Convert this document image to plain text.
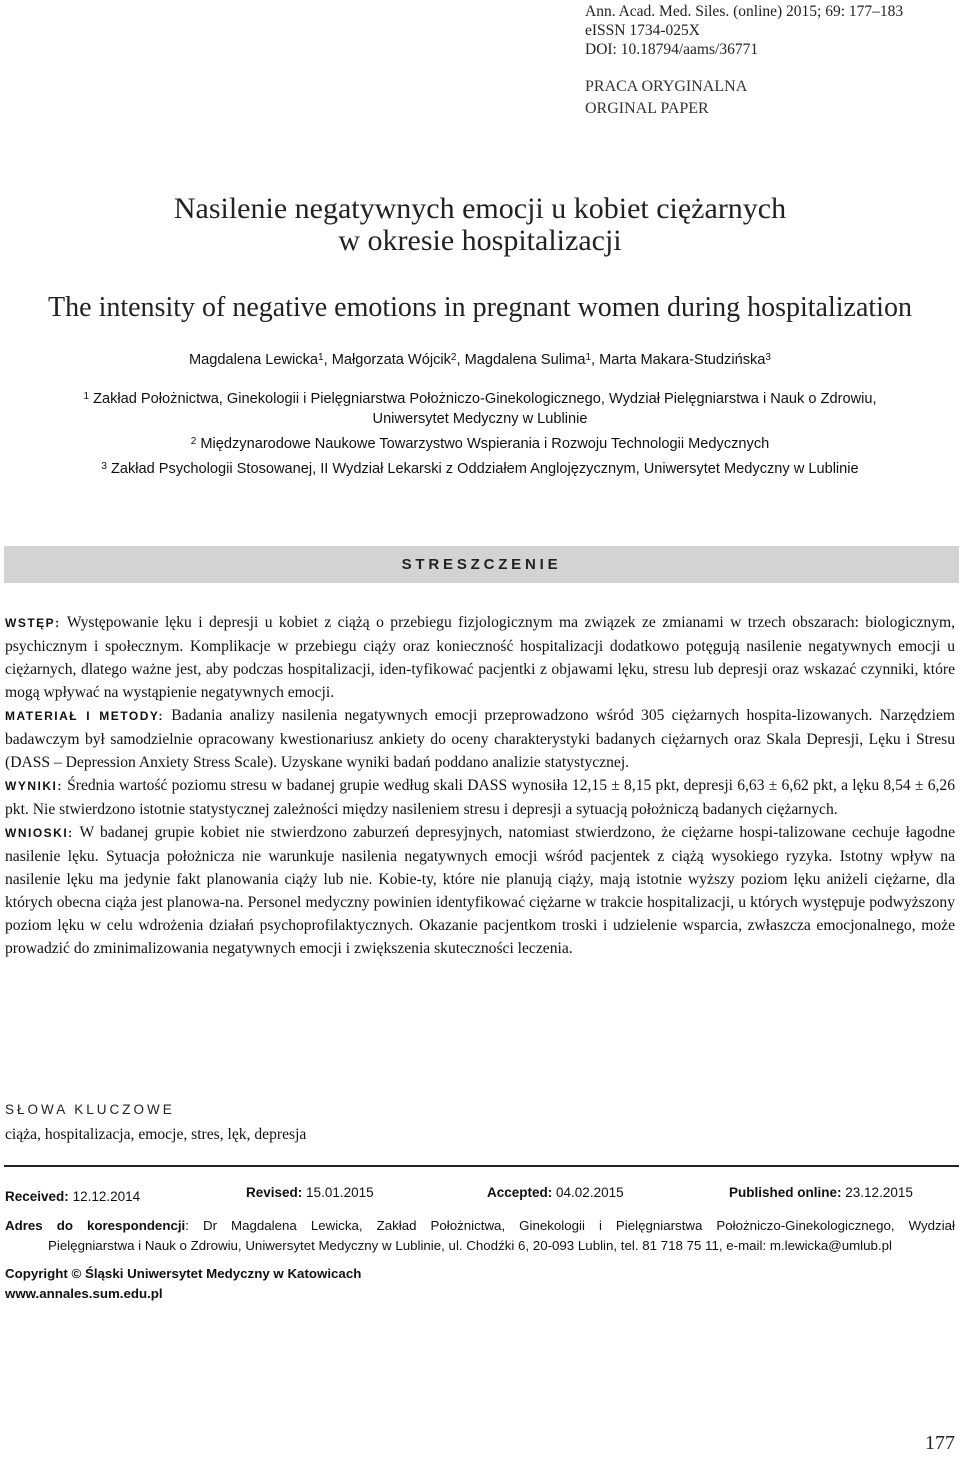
Ann. Acad. Med. Siles. (online) 2015; 69: 177–183
eISSN 1734-025X
DOI: 10.18794/aams/36771
PRACA ORYGINALNA
ORGINAL PAPER
Nasilenie negatywnych emocji u kobiet ciężarnych
w okresie hospitalizacji
The intensity of negative emotions in pregnant women during hospitalization
Magdalena Lewicka$^1$, Małgorzata Wójcik$^2$, Magdalena Sulima$^1$, Marta Makara-Studzińska$^3$
$^1$ Zakład Położnictwa, Ginekologii i Pielęgniarstwa Położniczo-Ginekologicznego, Wydział Pielęgniarstwa i Nauk o Zdrowiu,
Uniwersytet Medyczny w Lublinie
$^2$ Międzynarodowe Naukowe Towarzystwo Wspierania i Rozwoju Technologii Medycznych
$^3$ Zakład Psychologii Stosowanej, II Wydział Lekarski z Oddziałem Anglojęzycznym, Uniwersytet Medyczny w Lublinie
STRESZCZENIE

WSTĘP: Występowanie lęku i depresji u kobiet z ciążą o przebiegu fizjologicznym ma związek ze zmianami w trzech obszarach: biologicznym, psychicznym i społecznym. Komplikacje w przebiegu ciąży oraz konieczność hospitalizacji dodatkowo potęgują nasilenie negatywnych emocji u ciężarnych, dlatego ważne jest, aby podczas hospitalizacji, iden-tyfikować pacjentki z objawami lęku, stresu lub depresji oraz wskazać czynniki, które mogą wpływać na wystąpienie negatywnych emocji.

MATERIAŁ I METODY: Badania analizy nasilenia negatywnych emocji przeprowadzono wśród 305 ciężarnych hospita-lizowanych. Narzędziem badawczym był samodzielnie opracowany kwestionariusz ankiety do oceny charakterystyki badanych ciężarnych oraz Skala Depresji, Lęku i Stresu (DASS – Depression Anxiety Stress Scale). Uzyskane wyniki badań poddano analizie statystycznej.

WYNIKI: Średnia wartość poziomu stresu w badanej grupie według skali DASS wynosiła 12,15 ± 8,15 pkt, depresji 6,63 ± 6,62 pkt, a lęku 8,54 ± 6,26 pkt. Nie stwierdzono istotnie statystycznej zależności między nasileniem stresu i depresji a sytuacją położniczą badanych ciężarnych.

WNIOSKI: W badanej grupie kobiet nie stwierdzono zaburzeń depresyjnych, natomiast stwierdzono, że ciężarne hospi-talizowane cechuje łagodne nasilenie lęku. Sytuacja położnicza nie warunkuje nasilenia negatywnych emocji wśród pacjentek z ciążą wysokiego ryzyka. Istotny wpływ na nasilenie lęku ma jedynie fakt planowania ciąży lub nie. Kobie-ty, które nie planują ciąży, mają istotnie wyższy poziom lęku aniżeli ciężarne, dla których obecna ciąża jest planowa-na. Personel medyczny powinien identyfikować ciężarne w trakcie hospitalizacji, u których występuje podwyższony poziom lęku w celu wdrożenia działań psychoprofilaktycznych. Okazanie pacjentkom troski i udzielenie wsparcia, zwłaszcza emocjonalnego, może prowadzić do zminimalizowania negatywnych emocji i zwiększenia skuteczności leczenia.

SŁOWA KLUCZOWE
ciąża, hospitalizacja, emocje, stres, lęk, depresja
Received: 12.12.2014	Revised: 15.01.2015	Accepted: 04.02.2015	Published online: 23.12.2015
Adres do korespondencji: Dr Magdalena Lewicka, Zakład Położnictwa, Ginekologii i Pielęgniarstwa Położniczo-Ginekologicznego, Wydział
Pielęgniarstwa i Nauk o Zdrowiu, Uniwersytet Medyczny w Lublinie, ul. Chodźki 6, 20-093 Lublin, tel. 81 718 75 11, e-mail: m.lewicka@umlub.pl
Copyright © Śląski Uniwersytet Medyczny w Katowicach
www.annales.sum.edu.pl
177
